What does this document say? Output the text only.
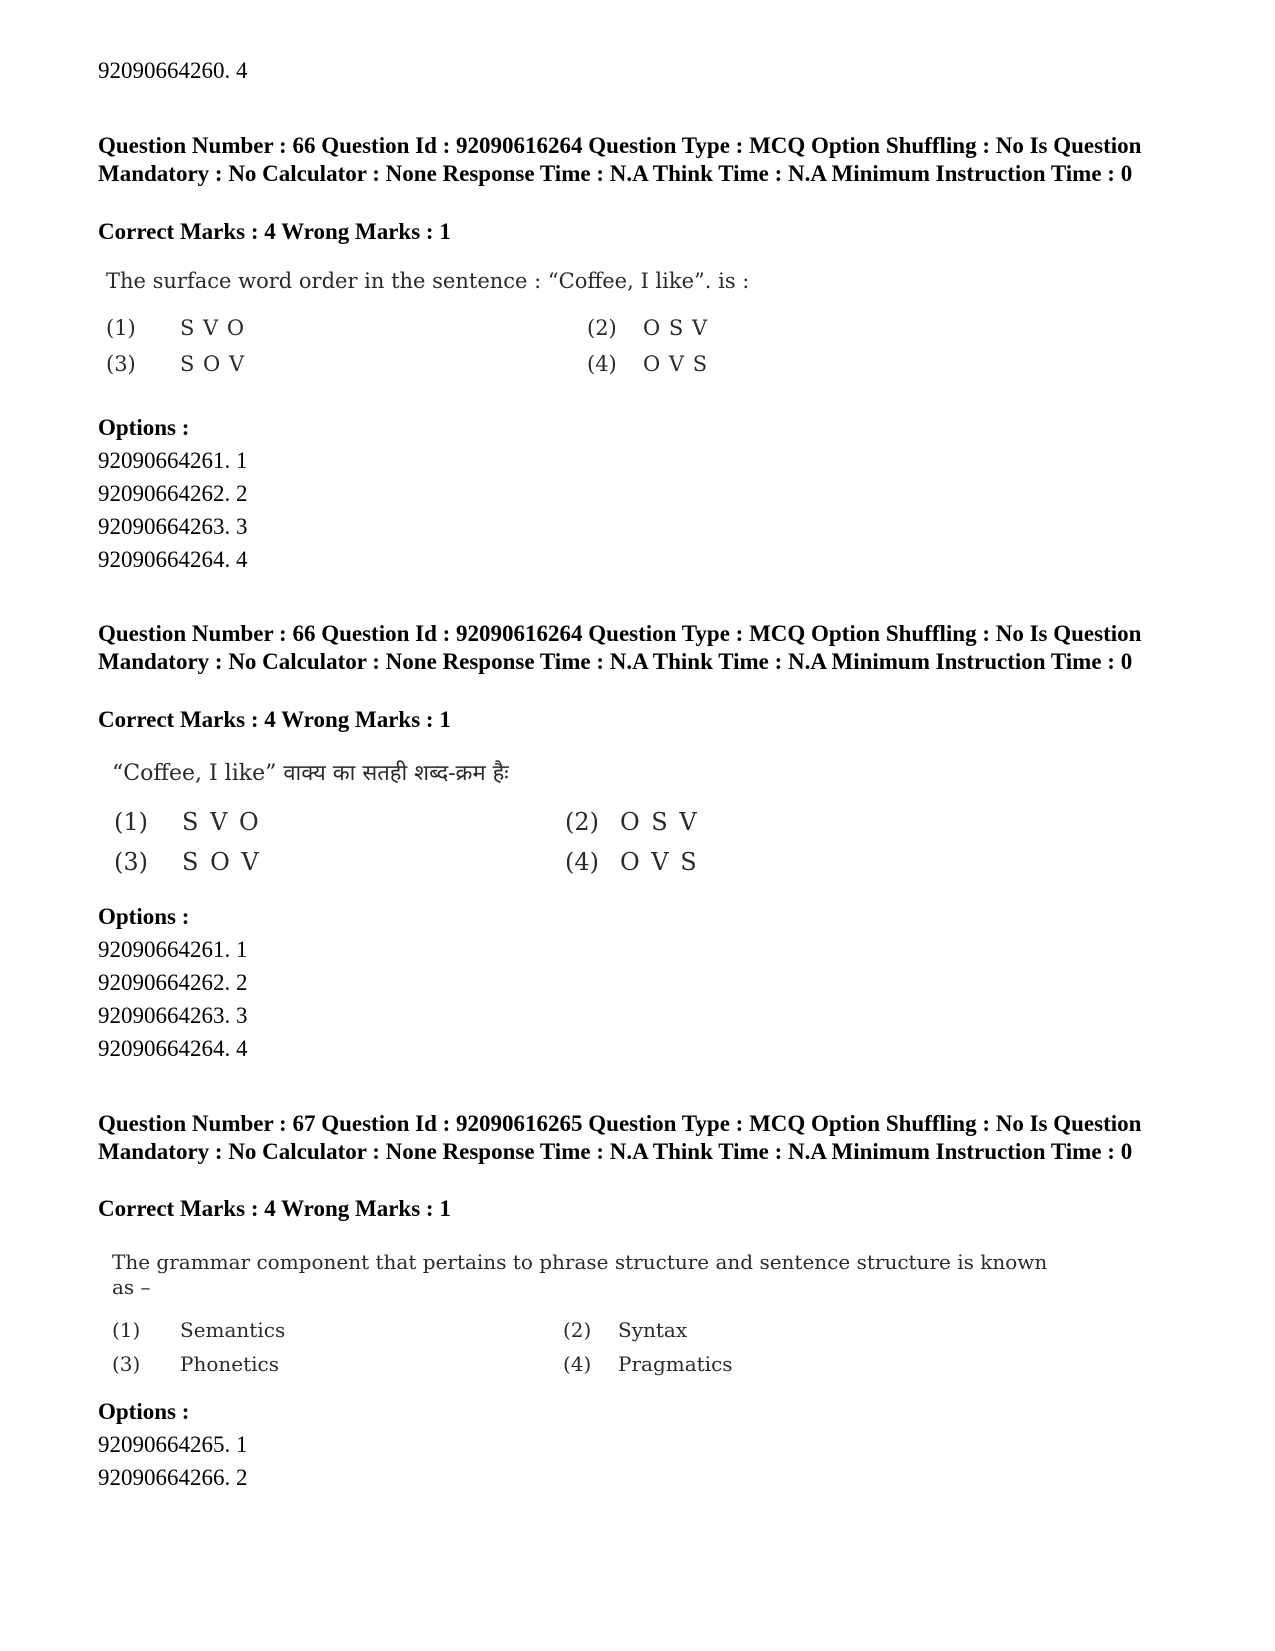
92090664260. 4
Question Number : 66 Question Id : 92090616264 Question Type : MCQ Option Shuffling : No Is Question Mandatory : No Calculator : None Response Time : N.A Think Time : N.A Minimum Instruction Time : 0
Correct Marks : 4 Wrong Marks : 1
The surface word order in the sentence : “Coffee, I like”. is :
(1) S V O	(2) O S V
(3) S O V	(4) O V S
Options :
92090664261. 1
92090664262. 2
92090664263. 3
92090664264. 4
Question Number : 66 Question Id : 92090616264 Question Type : MCQ Option Shuffling : No Is Question Mandatory : No Calculator : None Response Time : N.A Think Time : N.A Minimum Instruction Time : 0
Correct Marks : 4 Wrong Marks : 1
“Coffee, I like” वाक्य का सतही शब्द-क्रम हैः
(1) S V O	(2) O S V
(3) S O V	(4) O V S
Options :
92090664261. 1
92090664262. 2
92090664263. 3
92090664264. 4
Question Number : 67 Question Id : 92090616265 Question Type : MCQ Option Shuffling : No Is Question Mandatory : No Calculator : None Response Time : N.A Think Time : N.A Minimum Instruction Time : 0
Correct Marks : 4 Wrong Marks : 1
The grammar component that pertains to phrase structure and sentence structure is known
as –
(1) Semantics	(2) Syntax
(3) Phonetics	(4) Pragmatics
Options :
92090664265. 1
92090664266. 2
